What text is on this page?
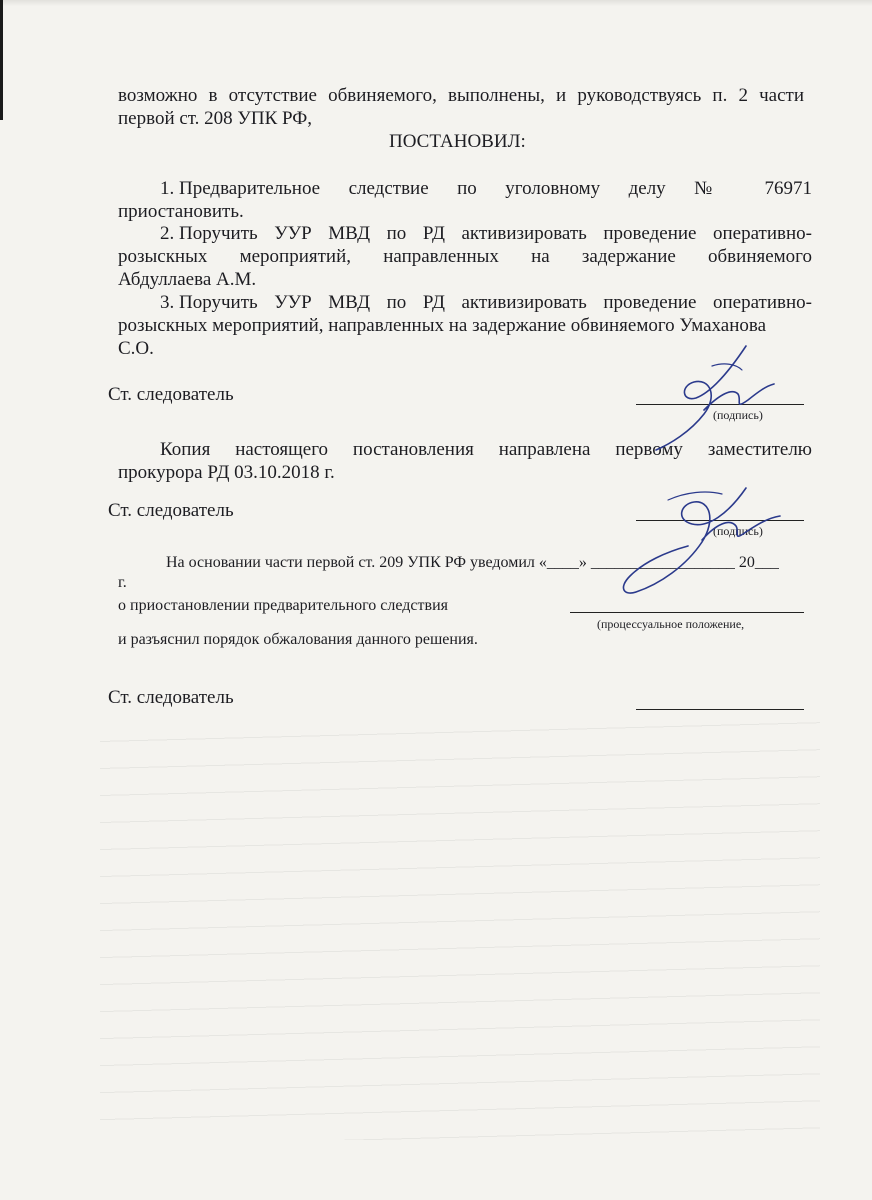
возможно в отсутствие обвиняемого, выполнены, и руководствуясь п. 2 части
первой ст. 208 УПК РФ,
ПОСТАНОВИЛ:
1. Предварительное следствие по уголовному делу № 76971
приостановить.
2. Поручить УУР МВД по РД активизировать проведение оперативно-
розыскных мероприятий, направленных на задержание обвиняемого
Абдуллаева А.М.
3. Поручить УУР МВД по РД активизировать проведение оперативно-
розыскных мероприятий, направленных на задержание обвиняемого Умаханова
С.О.
Ст. следователь
(подпись)
Копия настоящего постановления направлена первому заместителю
прокурора РД 03.10.2018 г.
Ст. следователь
(подпись)
На основании части первой ст. 209 УПК РФ уведомил «____» __________________ 20___
г.
о приостановлении предварительного следствия
(процессуальное положение,
и разъяснил порядок обжалования данного решения.
Ст. следователь
